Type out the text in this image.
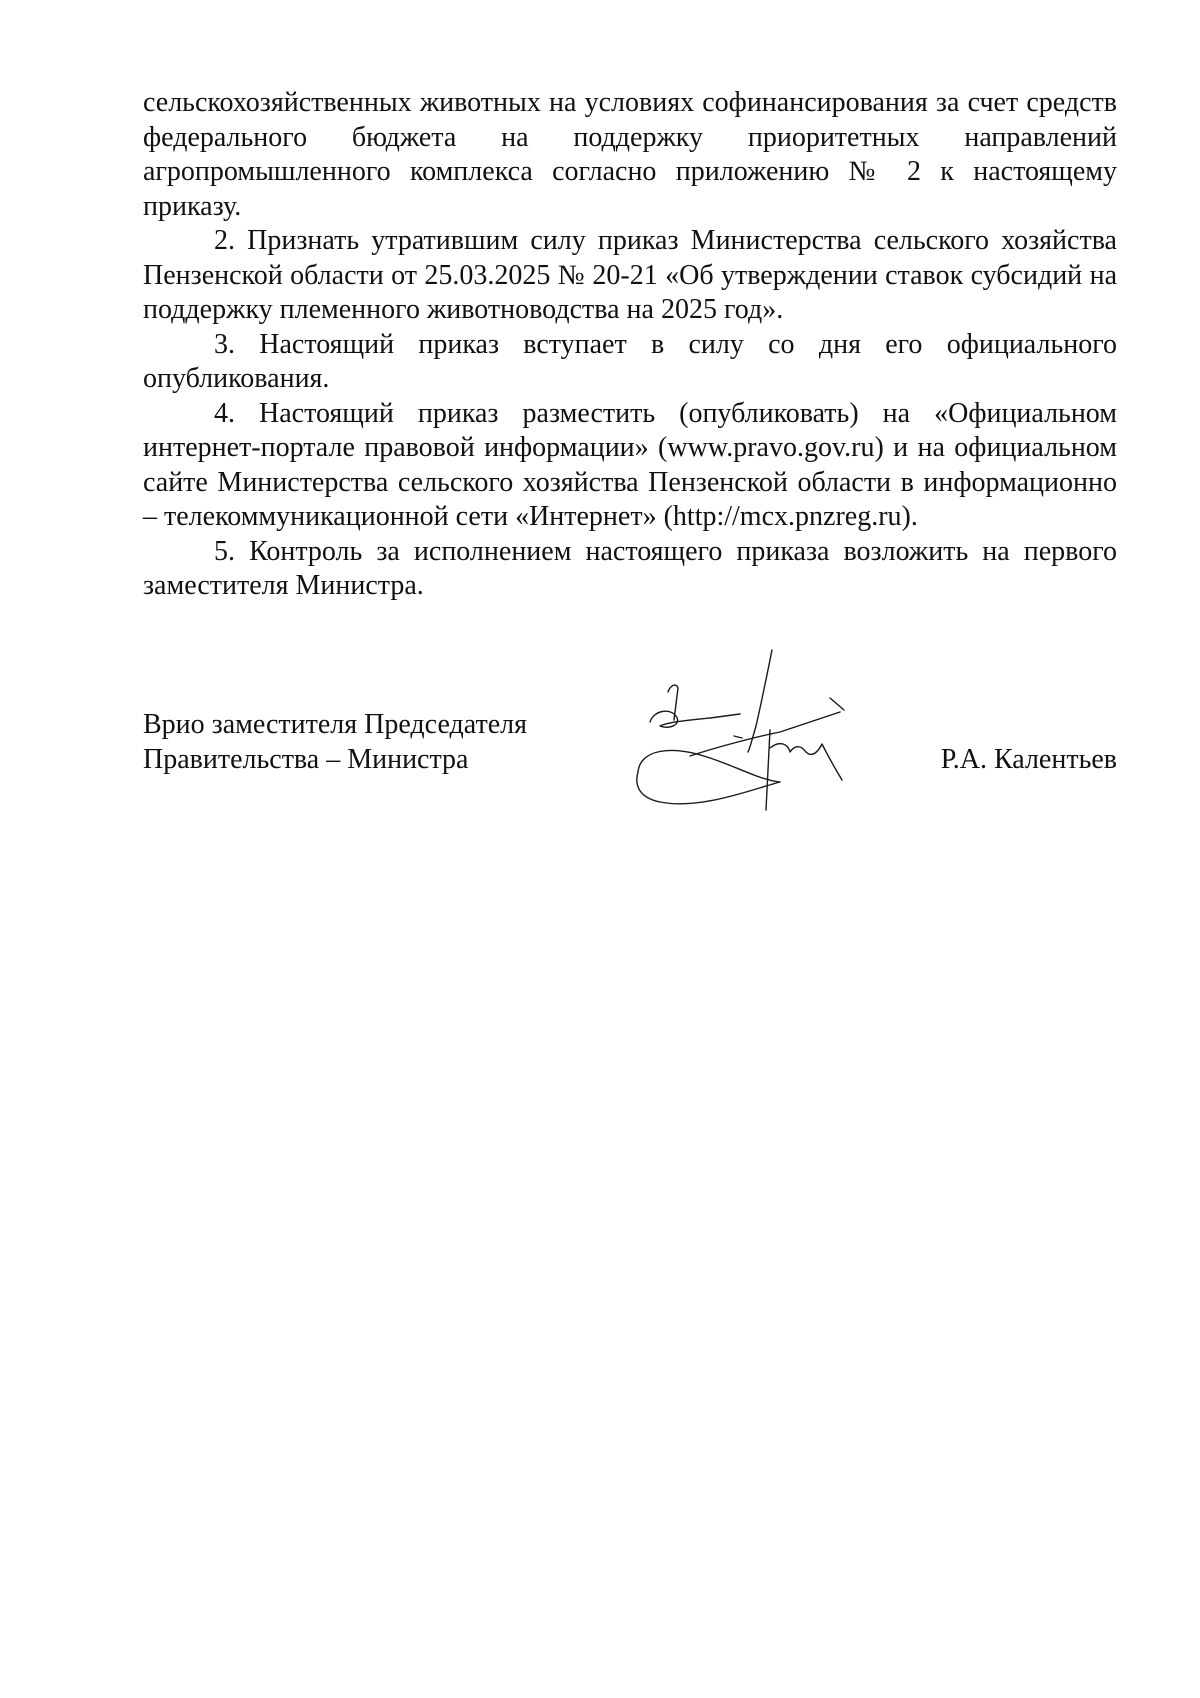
сельскохозяйственных животных на условиях софинансирования за счет средств федерального бюджета на поддержку приоритетных направлений агропромышленного комплекса согласно приложению № 2 к настоящему приказу.

2. Признать утратившим силу приказ Министерства сельского хозяйства Пензенской области от 25.03.2025 № 20-21 «Об утверждении ставок субсидий на поддержку племенного животноводства на 2025 год».

3. Настоящий приказ вступает в силу со дня его официального опубликования.

4. Настоящий приказ разместить (опубликовать) на «Официальном интернет-портале правовой информации» (www.pravo.gov.ru) и на официальном сайте Министерства сельского хозяйства Пензенской области в информационно – телекоммуникационной сети «Интернет» (http://mcx.pnzreg.ru).

5. Контроль за исполнением настоящего приказа возложить на первого заместителя Министра.

Врио заместителя Председателя
Правительства – Министра	Р.А. Калентьев
